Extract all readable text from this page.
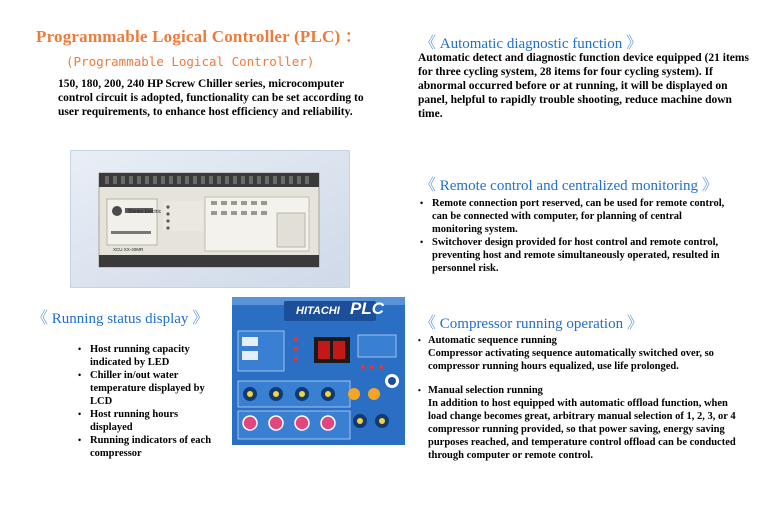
Programmable Logical Controller (PLC) ：
(Programmable Logical Controller)
150, 180, 200, 240 HP Screw Chiller series, microcomputer control circuit is adopted, functionality can be set according to user requirements, to enhance host efficiency and reliability.
Shinko Electric
XCU XX-40MR
《 Automatic diagnostic function 》
Automatic detect and diagnostic function device equipped (21 items for three cycling system, 28 items for four cycling system). If abnormal occurred before or at running, it will be displayed on panel, helpful to rapidly trouble shooting, reduce machine down time.
《 Remote control and centralized monitoring 》
• Remote connection port reserved, can be used for remote control, can be connected with computer, for planning of central monitoring system.
• Switchover design provided for host control and remote control, preventing host and remote simultaneously operated, resulted in personnel risk.
《 Running status display 》
• Host running capacity indicated by LED
• Chiller in/out water temperature displayed by LCD
• Host running hours displayed
• Running indicators of each compressor
HITACHI PLC
《 Compressor running operation 》
• Automatic sequence running
Compressor activating sequence automatically switched over, so compressor running hours equalized, use life prolonged.
• Manual selection running
In addition to host equipped with automatic offload function, when load change becomes great, arbitrary manual selection of 1, 2, 3, or 4 compressor running provided, so that power saving, energy saving purposes reached, and temperature control offload can be conducted through computer or remote control.
